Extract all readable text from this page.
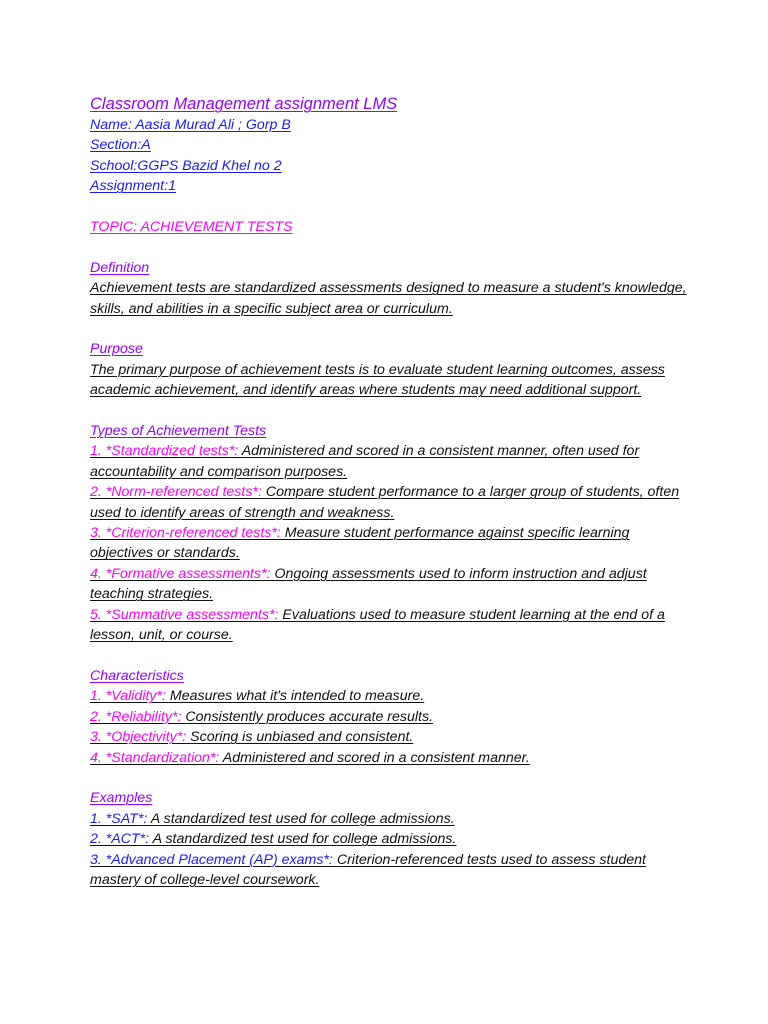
Classroom Management assignment LMS
Name: Aasia Murad Ali ; Gorp B
Section:A
School:GGPS Bazid Khel no 2
Assignment:1
TOPIC: ACHIEVEMENT TESTS
Definition

Achievement tests are standardized assessments designed to measure a student's knowledge, skills, and abilities in a specific subject area or curriculum.

Purpose

The primary purpose of achievement tests is to evaluate student learning outcomes, assess academic achievement, and identify areas where students may need additional support.

Types of Achievement Tests

1. *Standardized tests*: Administered and scored in a consistent manner, often used for accountability and comparison purposes.

2. *Norm-referenced tests*: Compare student performance to a larger group of students, often used to identify areas of strength and weakness.

3. *Criterion-referenced tests*: Measure student performance against specific learning objectives or standards.

4. *Formative assessments*: Ongoing assessments used to inform instruction and adjust teaching strategies.

5. *Summative assessments*: Evaluations used to measure student learning at the end of a lesson, unit, or course.

Characteristics

1. *Validity*: Measures what it's intended to measure.

2. *Reliability*: Consistently produces accurate results.

3. *Objectivity*: Scoring is unbiased and consistent.

4. *Standardization*: Administered and scored in a consistent manner.

Examples

1. *SAT*: A standardized test used for college admissions.

2. *ACT*: A standardized test used for college admissions.

3. *Advanced Placement (AP) exams*: Criterion-referenced tests used to assess student mastery of college-level coursework.
